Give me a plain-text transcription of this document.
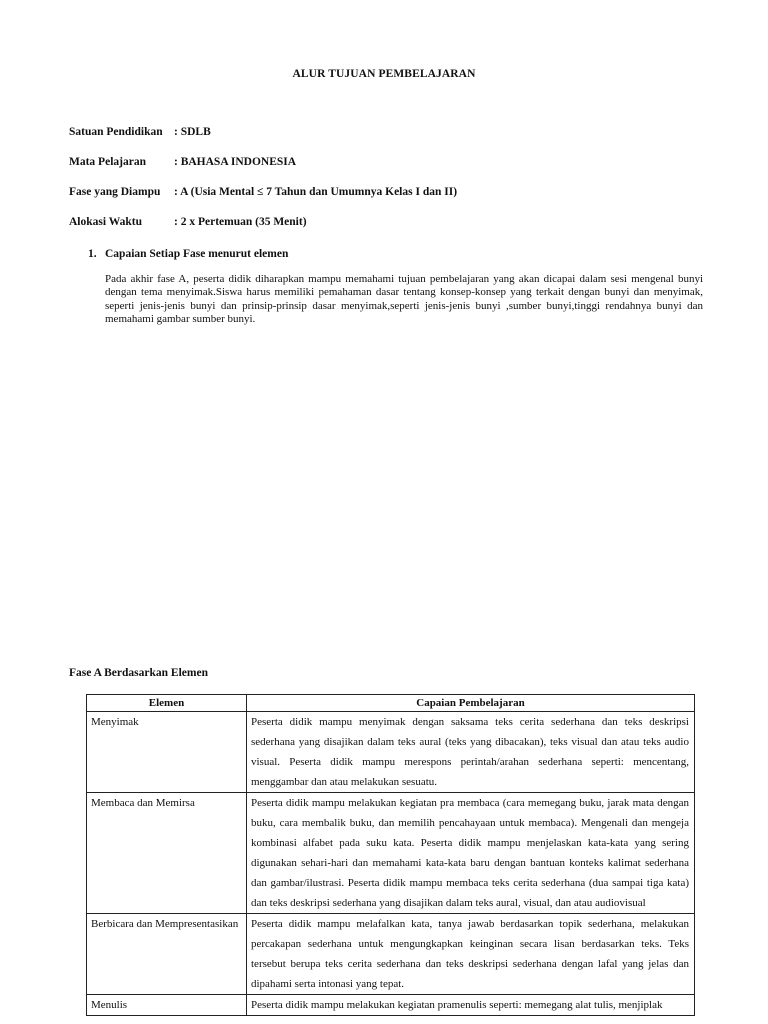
ALUR TUJUAN PEMBELAJARAN
Satuan Pendidikan : SDLB
Mata Pelajaran	: BAHASA INDONESIA
Fase yang Diampu	: A (Usia Mental ≤ 7 Tahun dan Umumnya Kelas I dan II)
Alokasi Waktu	: 2 x Pertemuan (35 Menit)
1. Capaian Setiap Fase menurut elemen
Pada akhir fase A, peserta didik diharapkan mampu memahami tujuan pembelajaran yang akan dicapai dalam sesi mengenal bunyi dengan tema menyimak.Siswa harus memiliki pemahaman dasar tentang konsep-konsep yang terkait dengan bunyi dan menyimak, seperti jenis-jenis bunyi dan prinsip-prinsip dasar menyimak,seperti jenis-jenis bunyi ,sumber bunyi,tinggi rendahnya bunyi dan memahami gambar sumber bunyi.
Fase A Berdasarkan Elemen
Elemen	Capaian Pembelajaran
Menyimak	Peserta didik mampu menyimak dengan saksama teks cerita sederhana dan teks deskripsi sederhana yang disajikan dalam teks aural (teks yang dibacakan), teks visual dan atau teks audio visual. Peserta didik mampu merespons perintah/arahan sederhana seperti: mencentang, menggambar dan atau melakukan sesuatu.
Membaca dan Memirsa	Peserta didik mampu melakukan kegiatan pra membaca (cara memegang buku, jarak mata dengan buku, cara membalik buku, dan memilih pencahayaan untuk membaca). Mengenali dan mengeja kombinasi alfabet pada suku kata. Peserta didik mampu menjelaskan kata-kata yang sering digunakan sehari-hari dan memahami kata-kata baru dengan bantuan konteks kalimat sederhana dan gambar/ilustrasi. Peserta didik mampu membaca teks cerita sederhana (dua sampai tiga kata) dan teks deskripsi sederhana yang disajikan dalam teks aural, visual, dan atau audiovisual
Berbicara dan Mempresentasikan	Peserta didik mampu melafalkan kata, tanya jawab berdasarkan topik sederhana, melakukan percakapan sederhana untuk mengungkapkan keinginan secara lisan berdasarkan teks. Teks tersebut berupa teks cerita sederhana dan teks deskripsi sederhana dengan lafal yang jelas dan dipahami serta intonasi yang tepat.
Menulis	Peserta didik mampu melakukan kegiatan pramenulis seperti: memegang alat tulis, menjiplak
